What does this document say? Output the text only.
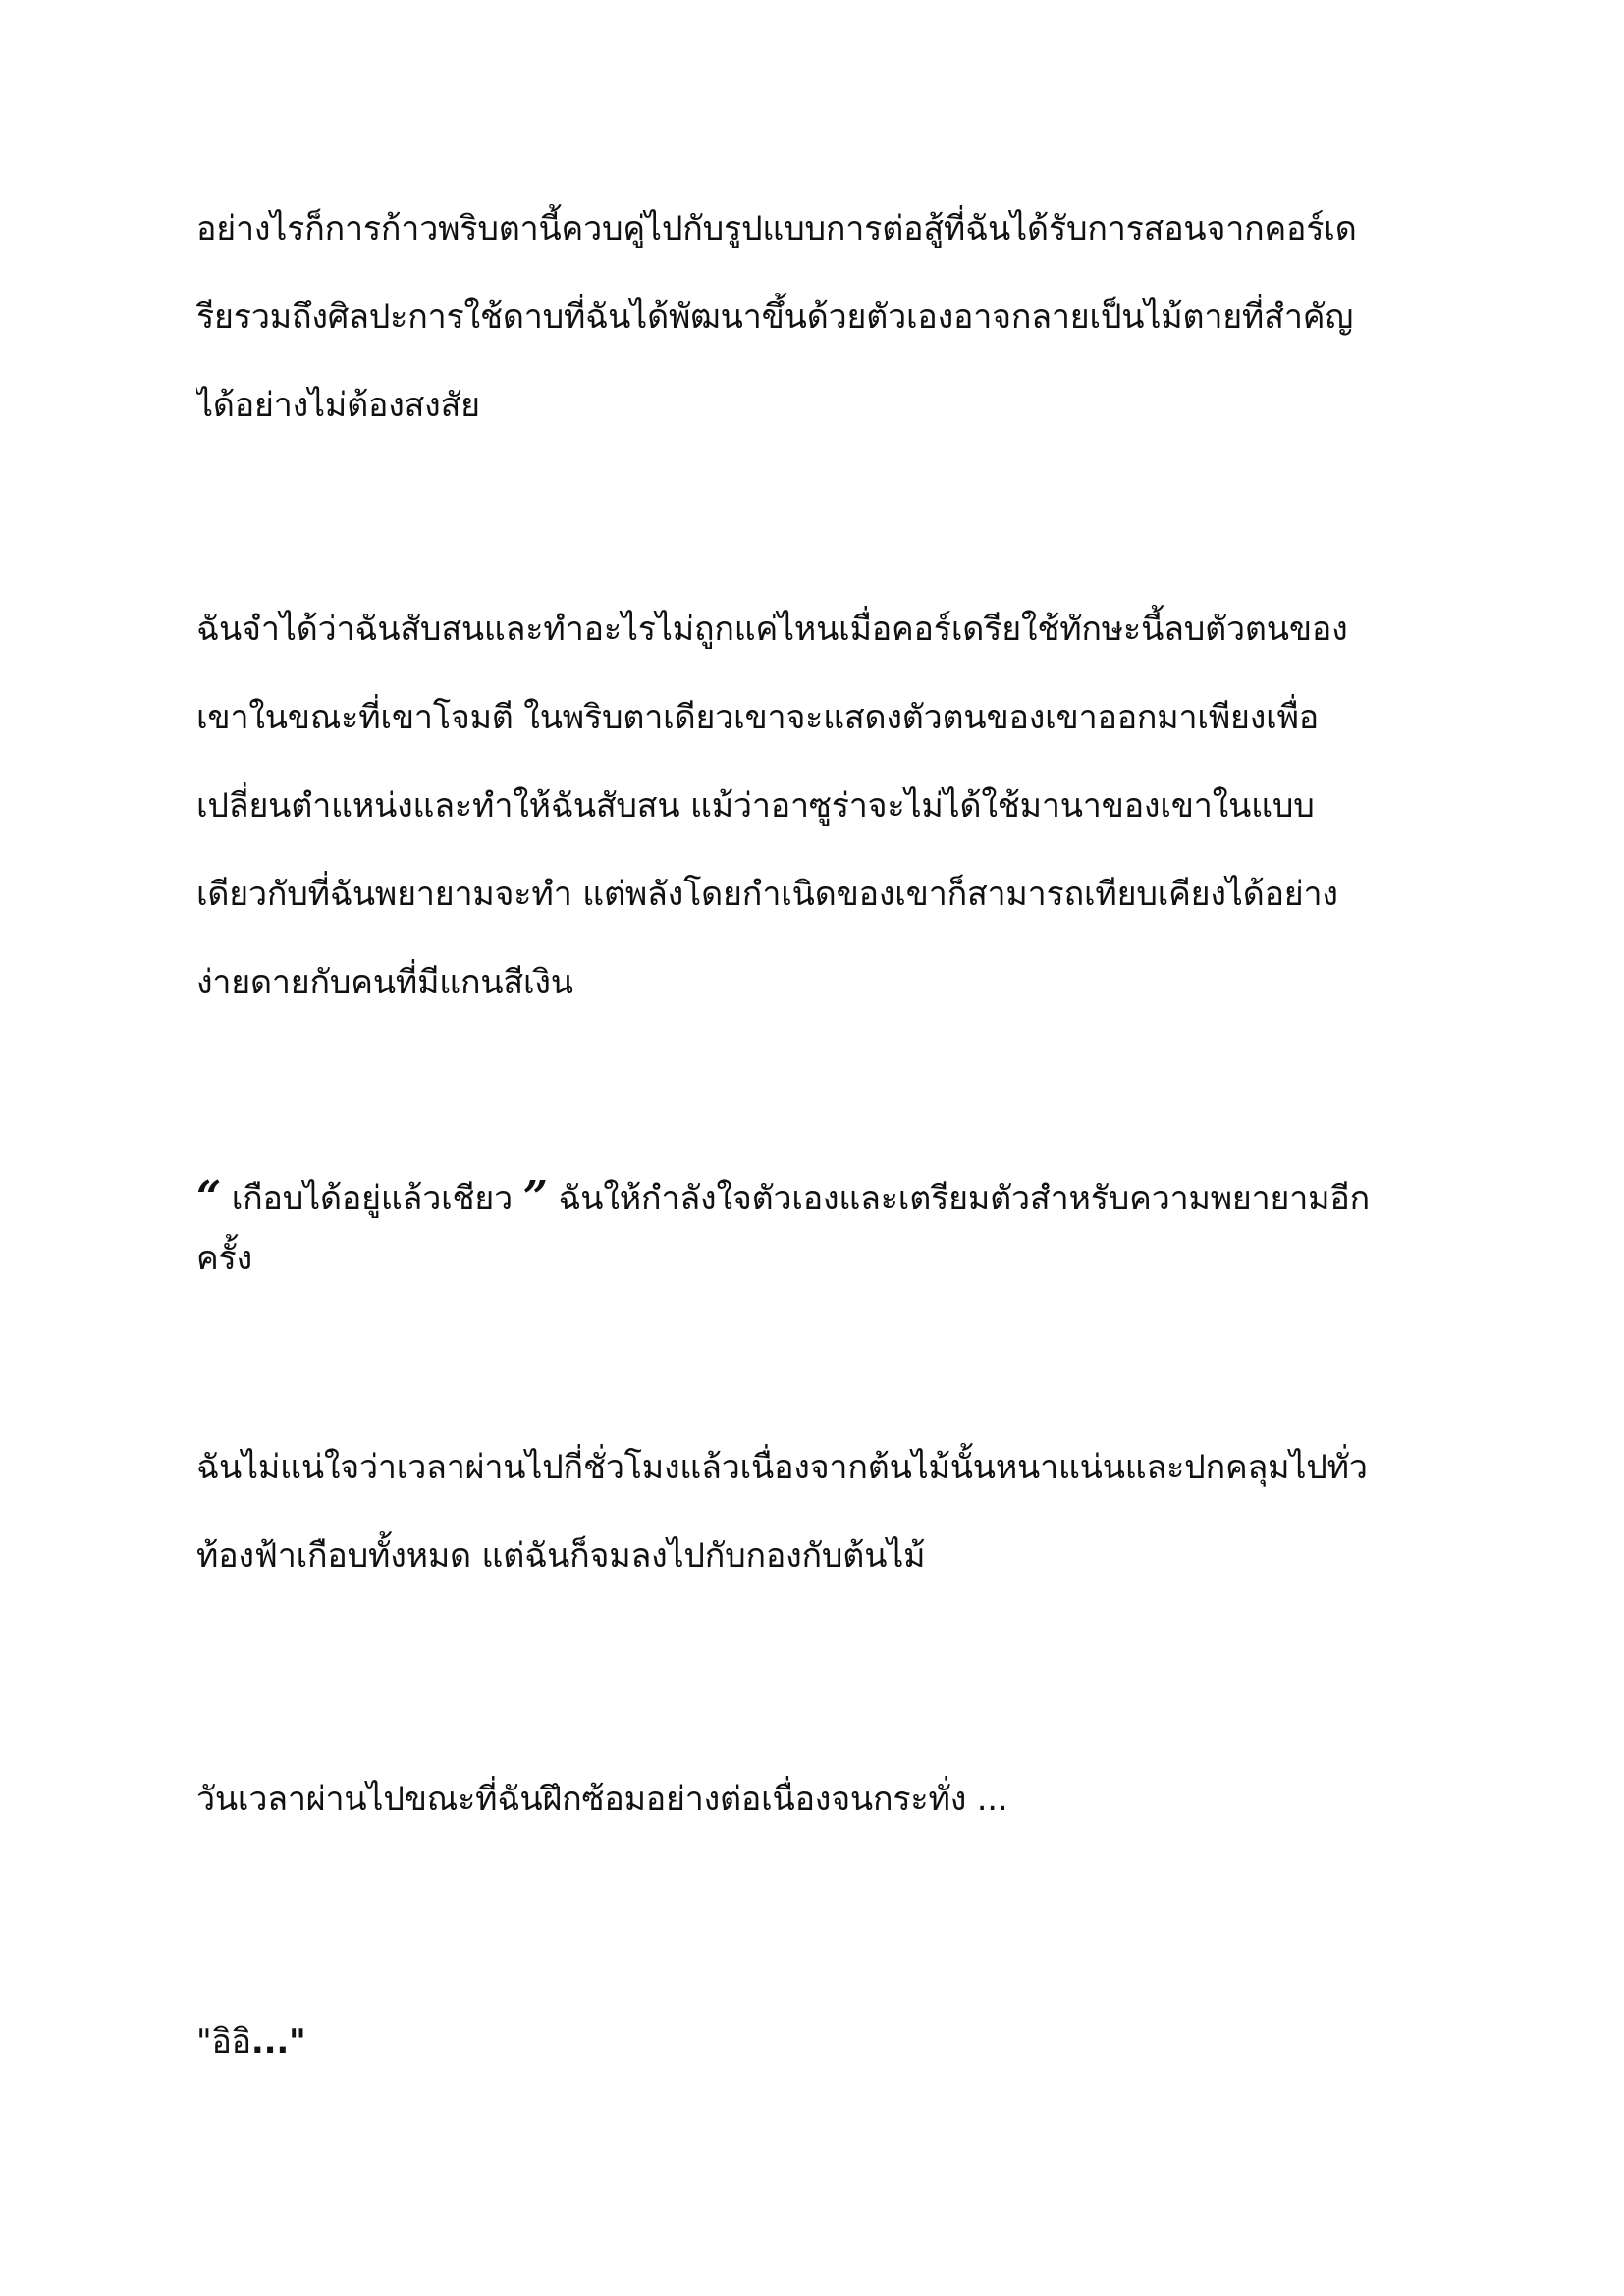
อย่างไรก็การก้าวพริบตานี้ควบคู่ไปกับรูปแบบการต่อสู้ที่ฉันได้รับการสอนจากคอร์เด
รียรวมถึงศิลปะการใช้ดาบที่ฉันได้พัฒนาขึ้นด้วยตัวเองอาจกลายเป็นไม้ตายที่สำคัญ
ได้อย่างไม่ต้องสงสัย
ฉันจำได้ว่าฉันสับสนและทำอะไรไม่ถูกแค่ไหนเมื่อคอร์เดรียใช้ทักษะนี้ลบตัวตนของ
เขาในขณะที่เขาโจมตี ในพริบตาเดียวเขาจะแสดงตัวตนของเขาออกมาเพียงเพื่อ
เปลี่ยนตำแหน่งและทำให้ฉันสับสน แม้ว่าอาซูร่าจะไม่ได้ใช้มานาของเขาในแบบ
เดียวกับที่ฉันพยายามจะทำ แต่พลังโดยกำเนิดของเขาก็สามารถเทียบเคียงได้อย่าง
ง่ายดายกับคนที่มีแกนสีเงิน
“ เกือบได้อยู่แล้วเชียว ” ฉันให้กำลังใจตัวเองและเตรียมตัวสำหรับความพยายามอีก
ครั้ง
ฉันไม่แน่ใจว่าเวลาผ่านไปกี่ชั่วโมงแล้วเนื่องจากต้นไม้นั้นหนาแน่นและปกคลุมไปทั่ว
ท้องฟ้าเกือบทั้งหมด แต่ฉันก็จมลงไปกับกองกับต้นไม้
วันเวลาผ่านไปขณะที่ฉันฝึกซ้อมอย่างต่อเนื่องจนกระทั่ง ...
"อิอิ..."
